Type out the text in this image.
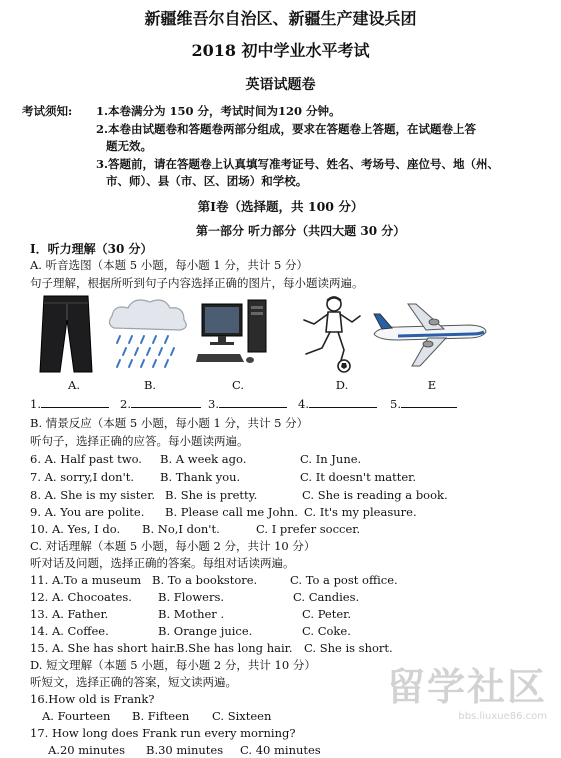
新疆维吾尔自治区、新疆生产建设兵团
2018 初中学业水平考试
英语试题卷
考试须知: 1.本卷满分为 150 分，考试时间为120 分钟。
2.本卷由试题卷和答题卷两部分组成，要求在答题卷上答题，在试题卷上答
题无效。
3.答题前，请在答题卷上认真填写准考证号、姓名、考场号、座位号、地（州、
市、师）、县（市、区、团场）和学校。
第Ⅰ卷（选择题，共 100 分）
第一部分 听力部分（共四大题 30 分）
Ⅰ．听力理解（30 分）
A. 听音选图（本题 5 小题，每小题 1 分，共计 5 分）
句子理解，根据所听到句子内容选择正确的图片，每小题读两遍。
A.	B.	C.	D.	E
1.	2.	3.	4.	5.
B. 情景反应（本题 5 小题，每小题 1 分，共计 5 分）
听句子，选择正确的应答。每小题读两遍。
6. A. Half past two. B. A week ago.	C. In June.
7. A. sorry,I don't. B. Thank you.	C. It doesn't matter.
8. A. She is my sister. B. She is pretty.	C. She is reading a book.
9. A. You are polite. B. Please call me John. C. It's my pleasure.
10. A. Yes, I do. B. No,I don't.	C. I prefer soccer.
C. 对话理解（本题 5 小题，每小题 2 分，共计 10 分）
听对话及问题，选择正确的答案。每组对话读两遍。
11. A.To a museum B. To a bookstore.	C. To a post office.
12. A. Chocoates. B. Flowers.	C. Candies.
13. A. Father.	B. Mother .	C. Peter.
14. A. Coffee.	B. Orange juice.	C. Coke.
15. A. She has short hair. B.She has long hair. C. She is short.
D. 短文理解（本题 5 小题，每小题 2 分，共计 10 分）
听短文，选择正确的答案，短文读两遍。
16.How old is Frank?
A. Fourteen B. Fifteen C. Sixteen
17. How long does Frank run every morning?
A.20 minutes B.30 minutes C. 40 minutes
留学社区
bbs.liuxue86.com
